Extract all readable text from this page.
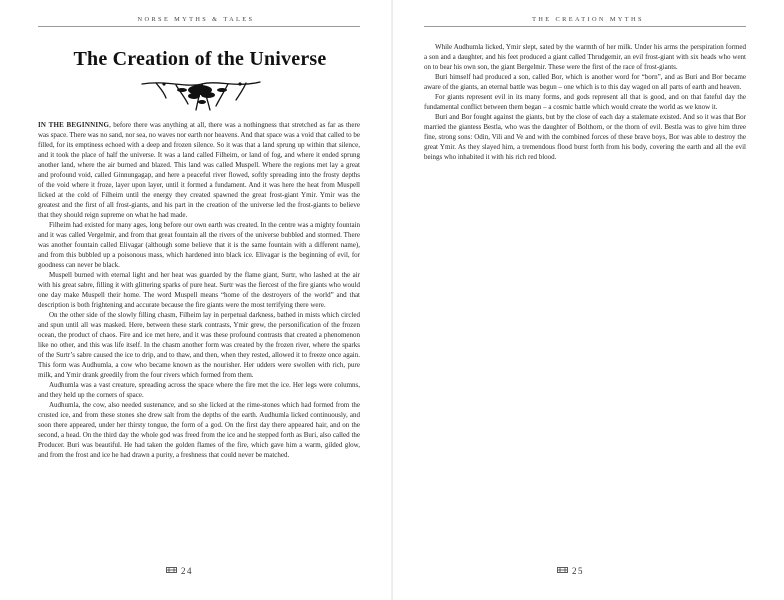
NORSE MYTHS & TALES
The Creation of the Universe

IN THE BEGINNING, before there was anything at all, there was a nothingness that stretched as far as there was space. There was no sand, nor sea, no waves nor earth nor heavens. And that space was a void that called to be filled, for its emptiness echoed with a deep and frozen silence. So it was that a land sprung up within that silence, and it took the place of half the universe. It was a land called Filheim, or land of fog, and where it ended sprung another land, where the air burned and blazed. This land was called Muspell. Where the regions met lay a great and profound void, called Ginnungagap, and here a peaceful river flowed, softly spreading into the frosty depths of the void where it froze, layer upon layer, until it formed a fundament. And it was here the heat from Muspell licked at the cold of Filheim until the energy they created spawned the great frost-giant Ymir. Ymir was the greatest and the first of all frost-giants, and his part in the creation of the universe led the frost-giants to believe that they should reign supreme on what he had made.

Filheim had existed for many ages, long before our own earth was created. In the centre was a mighty fountain and it was called Vergelmir, and from that great fountain all the rivers of the universe bubbled and stormed. There was another fountain called Elivagar (although some believe that it is the same fountain with a different name), and from this bubbled up a poisonous mass, which hardened into black ice. Elivagar is the beginning of evil, for goodness can never be black.

Muspell burned with eternal light and her heat was guarded by the flame giant, Surtr, who lashed at the air with his great sabre, filling it with glittering sparks of pure heat. Surtr was the fiercest of the fire giants who would one day make Muspell their home. The word Muspell means “home of the destroyers of the world” and that description is both frightening and accurate because the fire giants were the most terrifying there were.

On the other side of the slowly filling chasm, Filheim lay in perpetual darkness, bathed in mists which circled and spun until all was masked. Here, between these stark contrasts, Ymir grew, the personification of the frozen ocean, the product of chaos. Fire and ice met here, and it was these profound contrasts that created a phenomenon like no other, and this was life itself. In the chasm another form was created by the frozen river, where the sparks of the Surtr’s sabre caused the ice to drip, and to thaw, and then, when they rested, allowed it to freeze once again. This form was Audhumla, a cow who became known as the nourisher. Her udders were swollen with rich, pure milk, and Ymir drank greedily from the four rivers which formed from them.

Audhumla was a vast creature, spreading across the space where the fire met the ice. Her legs were columns, and they held up the corners of space.

Audhumla, the cow, also needed sustenance, and so she licked at the rime-stones which had formed from the crusted ice, and from these stones she drew salt from the depths of the earth. Audhumla licked continuously, and soon there appeared, under her thirsty tongue, the form of a god. On the first day there appeared hair, and on the second, a head. On the third day the whole god was freed from the ice and he stepped forth as Buri, also called the Producer. Buri was beautiful. He had taken the golden flames of the fire, which gave him a warm, gilded glow, and from the frost and ice he had drawn a purity, a freshness that could never be matched.

24
THE CREATION MYTHS

While Audhumla licked, Ymir slept, sated by the warmth of her milk. Under his arms the perspiration formed a son and a daughter, and his feet produced a giant called Thrudgemir, an evil frost-giant with six heads who went on to bear his own son, the giant Bergelmir. These were the first of the race of frost-giants.

Buri himself had produced a son, called Bor, which is another word for “born”, and as Buri and Bor became aware of the giants, an eternal battle was begun – one which is to this day waged on all parts of earth and heaven.

For giants represent evil in its many forms, and gods represent all that is good, and on that fateful day the fundamental conflict between them began – a cosmic battle which would create the world as we know it.

Buri and Bor fought against the giants, but by the close of each day a stalemate existed. And so it was that Bor married the giantess Bestla, who was the daughter of Bolthorn, or the thorn of evil. Bestla was to give him three fine, strong sons: Odin, Vili and Ve and with the combined forces of these brave boys, Bor was able to destroy the great Ymir. As they slayed him, a tremendous flood burst forth from his body, covering the earth and all the evil beings who inhabited it with his rich red blood.

25
